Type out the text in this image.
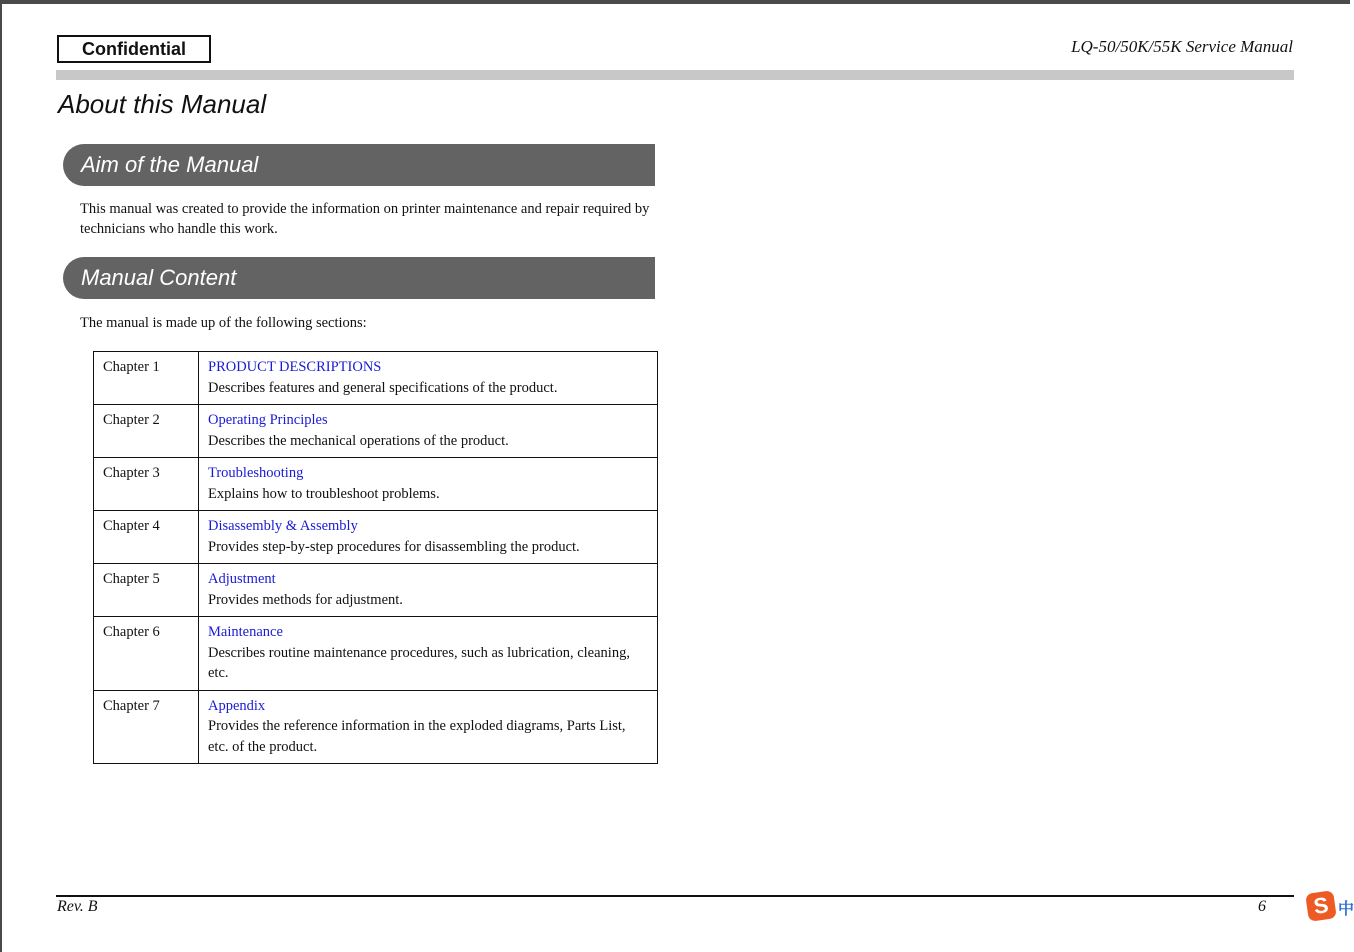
Confidential	LQ-50/50K/55K Service Manual
About this Manual
Aim of the Manual
This manual was created to provide the information on printer maintenance and repair required by technicians who handle this work.
Manual Content
The manual is made up of the following sections:
Chapter 1	PRODUCT DESCRIPTIONS
Describes features and general specifications of the product.

Chapter 2	Operating Principles
Describes the mechanical operations of the product.

Chapter 3	Troubleshooting
Explains how to troubleshoot problems.

Chapter 4	Disassembly & Assembly
Provides step-by-step procedures for disassembling the product.

Chapter 5	Adjustment
Provides methods for adjustment.

Chapter 6	Maintenance
Describes routine maintenance procedures, such as lubrication, cleaning, etc.

Chapter 7	Appendix
Provides the reference information in the exploded diagrams, Parts List, etc. of the product.
Rev. B	6 S 中
